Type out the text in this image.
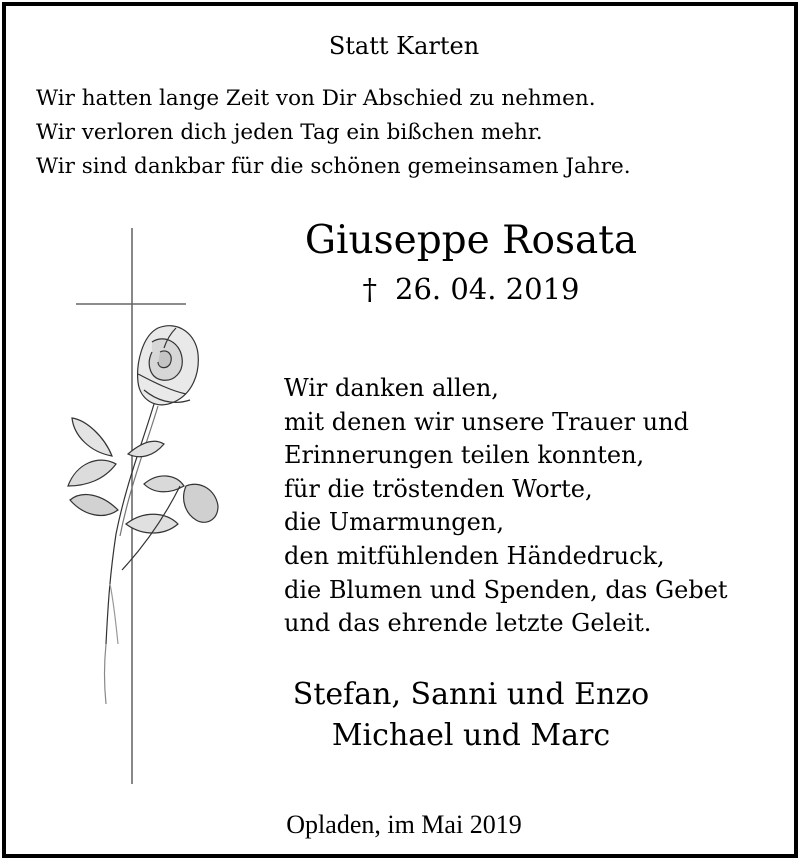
Statt Karten
Wir hatten lange Zeit von Dir Abschied zu nehmen.
Wir verloren dich jeden Tag ein bißchen mehr.
Wir sind dankbar für die schönen gemeinsamen Jahre.
Giuseppe Rosata
† 26. 04. 2019
Wir danken allen,
mit denen wir unsere Trauer und
Erinnerungen teilen konnten,
für die tröstenden Worte,
die Umarmungen,
den mitfühlenden Händedruck,
die Blumen und Spenden, das Gebet
und das ehrende letzte Geleit.
Stefan, Sanni und Enzo
Michael und Marc
Opladen, im Mai 2019
